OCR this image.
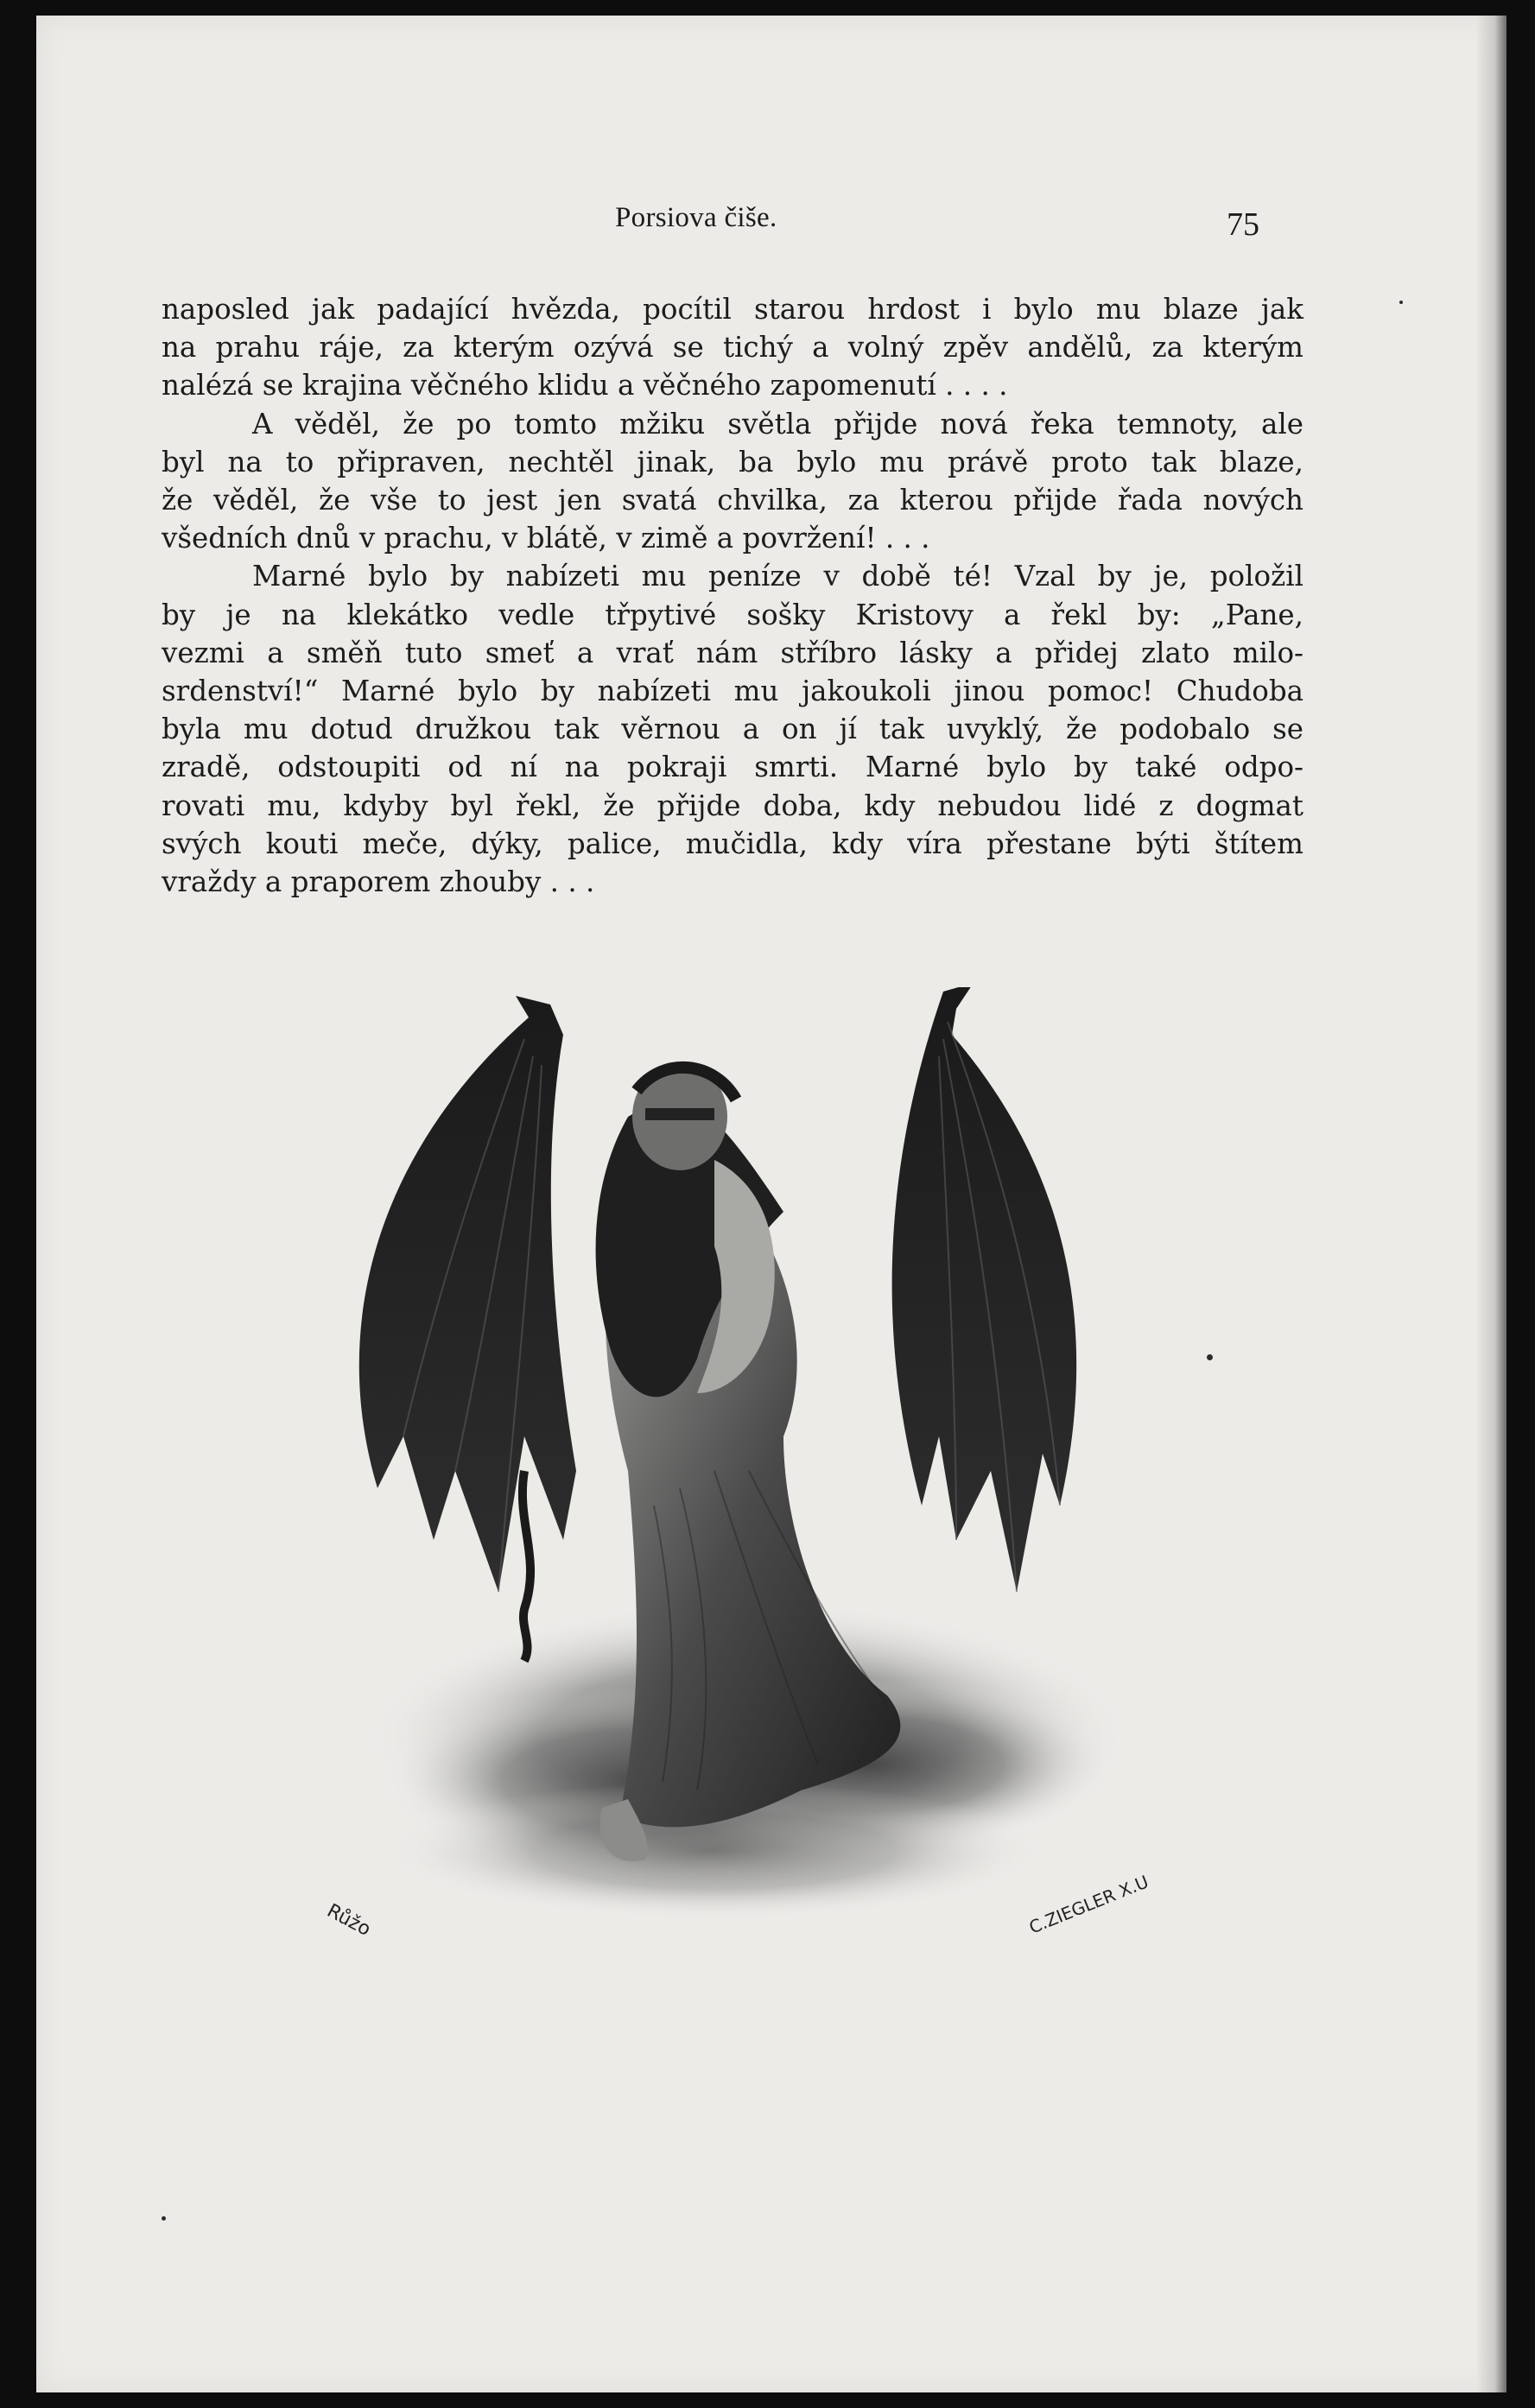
Porsiova čiše.	75
naposled jak padající hvězda, pocítil starou hrdost i bylo mu blaze jak
na prahu ráje, za kterým ozývá se tichý a volný zpěv andělů, za kterým
nalézá se krajina věčného klidu a věčného zapomenutí . . . .
A věděl, že po tomto mžiku světla přijde nová řeka temnoty, ale
byl na to připraven, nechtěl jinak, ba bylo mu právě proto tak blaze,
že věděl, že vše to jest jen svatá chvilka, za kterou přijde řada nových
všedních dnů v prachu, v blátě, v zimě a povržení! . . .
Marné bylo by nabízeti mu peníze v době té! Vzal by je, položil
by je na klekátko vedle třpytivé sošky Kristovy a řekl by: „Pane,
vezmi a směň tuto smeť a vrať nám stříbro lásky a přidej zlato milo-
srdenství!“ Marné bylo by nabízeti mu jakoukoli jinou pomoc! Chudoba
byla mu dotud družkou tak věrnou a on jí tak uvyklý, že podobalo se
zradě, odstoupiti od ní na pokraji smrti. Marné bylo by také odpo-
rovati mu, kdyby byl řekl, že přijde doba, kdy nebudou lidé z dogmat
svých kouti meče, dýky, palice, mučidla, kdy víra přestane býti štítem
vraždy a praporem zhouby . . .
Růžo	C.ZIEGLER X.U
